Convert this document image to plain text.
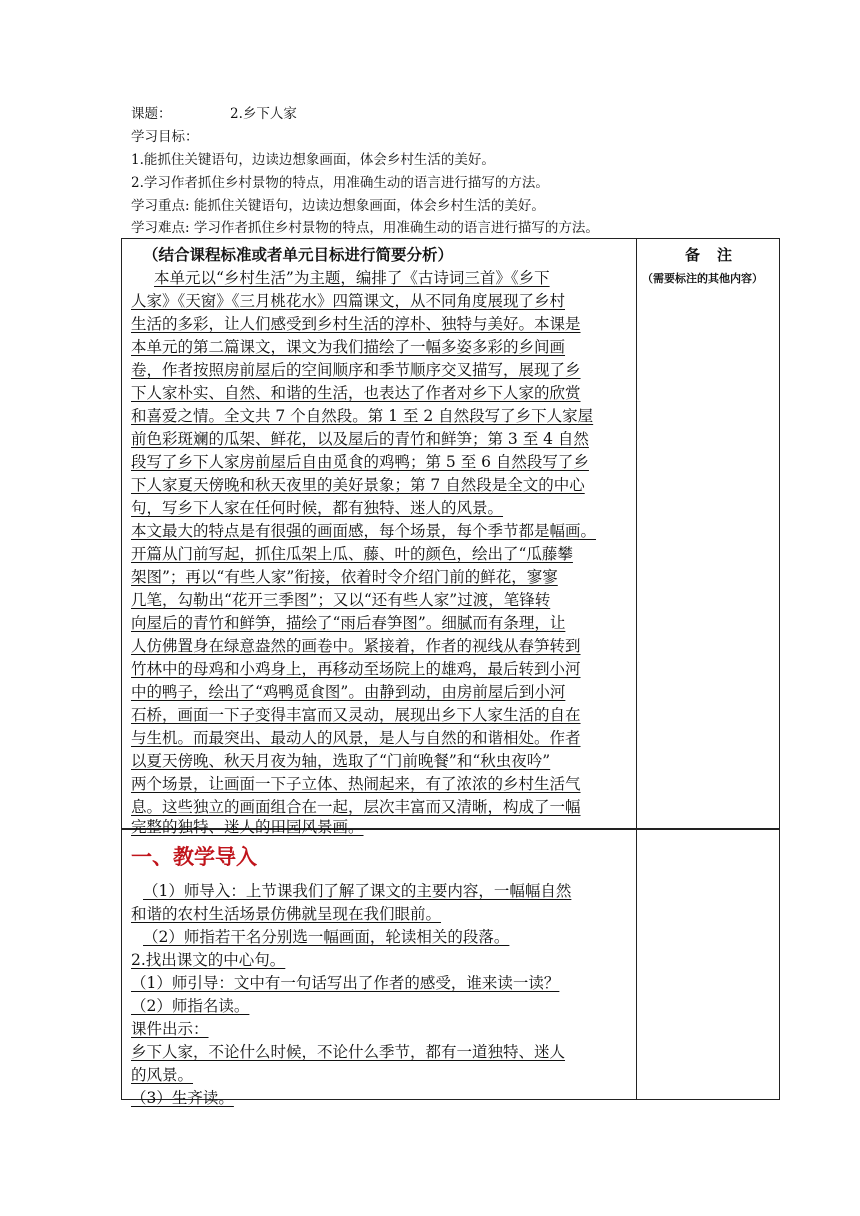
课题：	2.乡下人家
学习目标：
1.能抓住关键语句，边读边想象画面，体会乡村生活的美好。
2.学习作者抓住乡村景物的特点，用准确生动的语言进行描写的方法。
学习重点: 能抓住关键语句，边读边想象画面，体会乡村生活的美好。
学习难点: 学习作者抓住乡村景物的特点，用准确生动的语言进行描写的方法。
（结合课程标准或者单元目标进行简要分析）
本单元以“乡村生活”为主题，编排了《古诗词三首》《乡下
人家》《天窗》《三月桃花水》四篇课文，从不同角度展现了乡村
生活的多彩，让人们感受到乡村生活的淳朴、独特与美好。本课是
本单元的第二篇课文，课文为我们描绘了一幅多姿多彩的乡间画
卷，作者按照房前屋后的空间顺序和季节顺序交叉描写，展现了乡
下人家朴实、自然、和谐的生活，也表达了作者对乡下人家的欣赏
和喜爱之情。全文共 7 个自然段。第 1 至 2 自然段写了乡下人家屋
前色彩斑斓的瓜架、鲜花，以及屋后的青竹和鲜笋；第 3 至 4 自然
段写了乡下人家房前屋后自由觅食的鸡鸭；第 5 至 6 自然段写了乡
下人家夏天傍晚和秋天夜里的美好景象；第 7 自然段是全文的中心
句，写乡下人家在任何时候，都有独特、迷人的风景。
本文最大的特点是有很强的画面感，每个场景，每个季节都是幅画。
开篇从门前写起，抓住瓜架上瓜、藤、叶的颜色，绘出了“瓜藤攀
架图”；再以“有些人家”衔接，依着时令介绍门前的鲜花，寥寥
几笔，勾勒出“花开三季图”；又以“还有些人家”过渡，笔锋转
向屋后的青竹和鲜笋，描绘了“雨后春笋图”。细腻而有条理，让
人仿佛置身在绿意盎然的画卷中。紧接着，作者的视线从春笋转到
竹林中的母鸡和小鸡身上，再移动至场院上的雄鸡，最后转到小河
中的鸭子，绘出了“鸡鸭觅食图”。由静到动，由房前屋后到小河
石桥，画面一下子变得丰富而又灵动，展现出乡下人家生活的自在
与生机。而最突出、最动人的风景，是人与自然的和谐相处。作者
以夏天傍晚、秋天月夜为轴，选取了“门前晚餐”和“秋虫夜吟”
两个场景，让画面一下子立体、热闹起来，有了浓浓的乡村生活气
息。这些独立的画面组合在一起，层次丰富而又清晰，构成了一幅
完整的独特、迷人的田园风景画。
备　注
（需要标注的其他内容）
一、教学导入
（1）师导入：上节课我们了解了课文的主要内容，一幅幅自然
和谐的农村生活场景仿佛就呈现在我们眼前。
（2）师指若干名分别选一幅画面，轮读相关的段落。
2.找出课文的中心句。
（1）师引导：文中有一句话写出了作者的感受，谁来读一读？
（2）师指名读。
课件出示：
乡下人家，不论什么时候，不论什么季节，都有一道独特、迷人
的风景。
（3）生齐读。
